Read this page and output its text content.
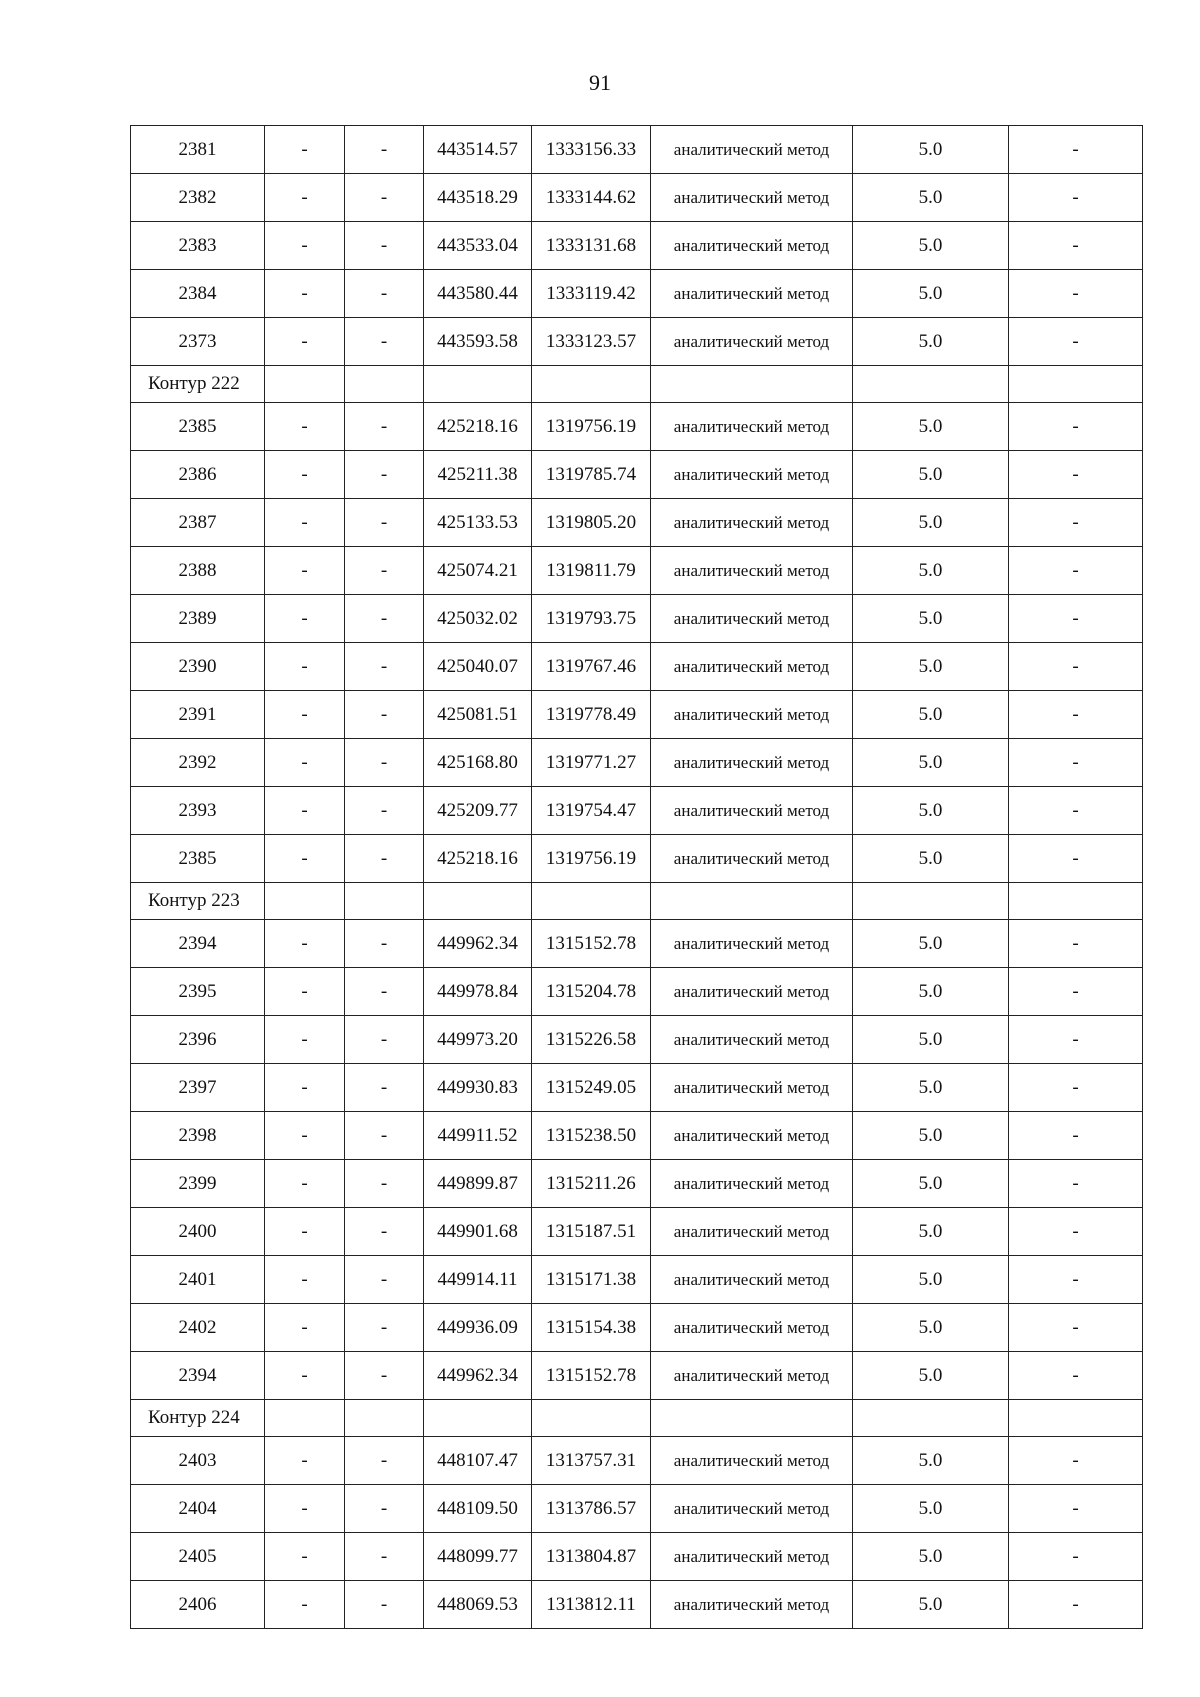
91
2381	-	-	443514.57	1333156.33	аналитический метод	5.0	-
2382	-	-	443518.29	1333144.62	аналитический метод	5.0	-
2383	-	-	443533.04	1333131.68	аналитический метод	5.0	-
2384	-	-	443580.44	1333119.42	аналитический метод	5.0	-
2373	-	-	443593.58	1333123.57	аналитический метод	5.0	-
Контур 222							
2385	-	-	425218.16	1319756.19	аналитический метод	5.0	-
2386	-	-	425211.38	1319785.74	аналитический метод	5.0	-
2387	-	-	425133.53	1319805.20	аналитический метод	5.0	-
2388	-	-	425074.21	1319811.79	аналитический метод	5.0	-
2389	-	-	425032.02	1319793.75	аналитический метод	5.0	-
2390	-	-	425040.07	1319767.46	аналитический метод	5.0	-
2391	-	-	425081.51	1319778.49	аналитический метод	5.0	-
2392	-	-	425168.80	1319771.27	аналитический метод	5.0	-
2393	-	-	425209.77	1319754.47	аналитический метод	5.0	-
2385	-	-	425218.16	1319756.19	аналитический метод	5.0	-
Контур 223							
2394	-	-	449962.34	1315152.78	аналитический метод	5.0	-
2395	-	-	449978.84	1315204.78	аналитический метод	5.0	-
2396	-	-	449973.20	1315226.58	аналитический метод	5.0	-
2397	-	-	449930.83	1315249.05	аналитический метод	5.0	-
2398	-	-	449911.52	1315238.50	аналитический метод	5.0	-
2399	-	-	449899.87	1315211.26	аналитический метод	5.0	-
2400	-	-	449901.68	1315187.51	аналитический метод	5.0	-
2401	-	-	449914.11	1315171.38	аналитический метод	5.0	-
2402	-	-	449936.09	1315154.38	аналитический метод	5.0	-
2394	-	-	449962.34	1315152.78	аналитический метод	5.0	-
Контур 224							
2403	-	-	448107.47	1313757.31	аналитический метод	5.0	-
2404	-	-	448109.50	1313786.57	аналитический метод	5.0	-
2405	-	-	448099.77	1313804.87	аналитический метод	5.0	-
2406	-	-	448069.53	1313812.11	аналитический метод	5.0	-
